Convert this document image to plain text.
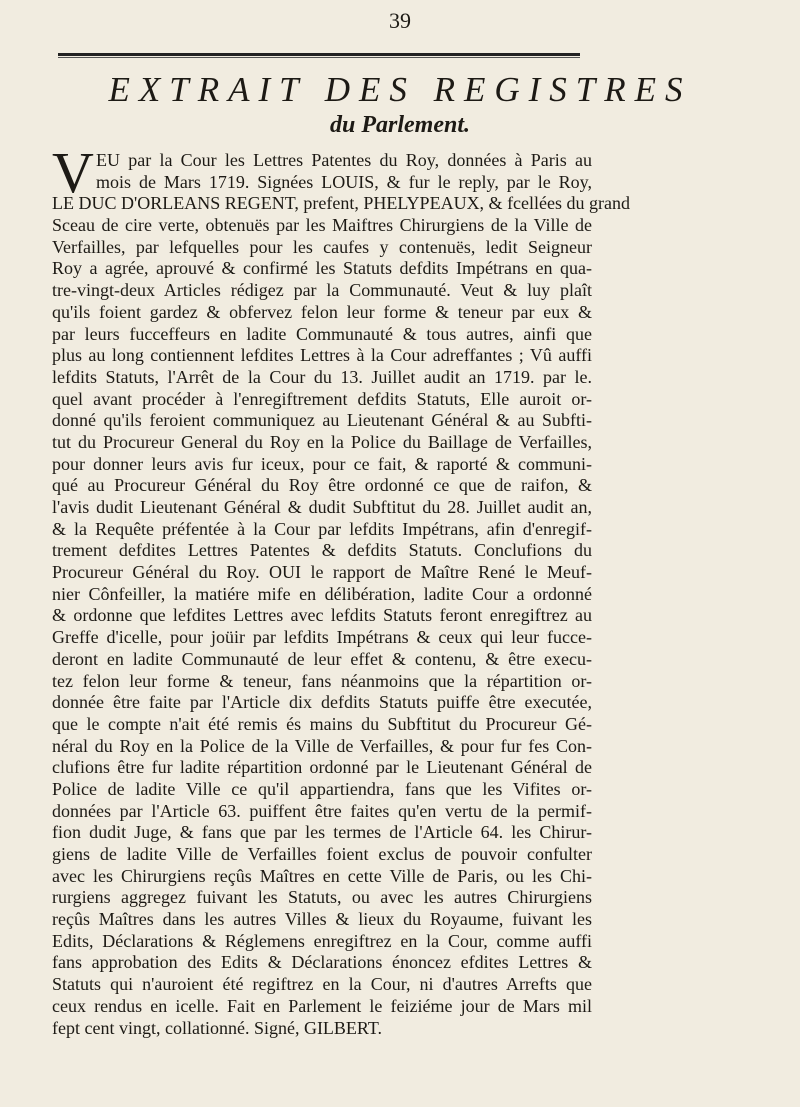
39
EXTRAIT DES REGISTRES
du Parlement.
V EU par la Cour les Lettres Patentes du Roy, données à Paris au
mois de Mars 1719. Signées LOUIS, & fur le reply, par le Roy,
LE DUC D'ORLEANS REGENT, prefent, PHELYPEAUX, & fcellées du grand
Sceau de cire verte, obtenuës par les Maiftres Chirurgiens de la Ville de
Verfailles, par lefquelles pour les caufes y contenuës, ledit Seigneur
Roy a agrée, aprouvé & confirmé les Statuts defdits Impétrans en qua-
tre-vingt-deux Articles rédigez par la Communauté. Veut & luy plaît
qu'ils foient gardez & obfervez felon leur forme & teneur par eux &
par leurs fucceffeurs en ladite Communauté & tous autres, ainfi que
plus au long contiennent lefdites Lettres à la Cour adreffantes ; Vû auffi
lefdits Statuts, l'Arrêt de la Cour du 13. Juillet audit an 1719. par le.
quel avant procéder à l'enregiftrement defdits Statuts, Elle auroit or-
donné qu'ils feroient communiquez au Lieutenant Général & au Subfti-
tut du Procureur General du Roy en la Police du Baillage de Verfailles,
pour donner leurs avis fur iceux, pour ce fait, & raporté & communi-
qué au Procureur Général du Roy être ordonné ce que de raifon, &
l'avis dudit Lieutenant Général & dudit Subftitut du 28. Juillet audit an,
& la Requête préfentée à la Cour par lefdits Impétrans, afin d'enregif-
trement defdites Lettres Patentes & defdits Statuts. Conclufions du
Procureur Général du Roy. OUI le rapport de Maître René le Meuf-
nier Cônfeiller, la matiére mife en délibération, ladite Cour a ordonné
& ordonne que lefdites Lettres avec lefdits Statuts feront enregiftrez au
Greffe d'icelle, pour joüir par lefdits Impétrans & ceux qui leur fucce-
deront en ladite Communauté de leur effet & contenu, & être execu-
tez felon leur forme & teneur, fans néanmoins que la répartition or-
donnée être faite par l'Article dix defdits Statuts puiffe être executée,
que le compte n'ait été remis és mains du Subftitut du Procureur Gé-
néral du Roy en la Police de la Ville de Verfailles, & pour fur fes Con-
clufions être fur ladite répartition ordonné par le Lieutenant Général de
Police de ladite Ville ce qu'il appartiendra, fans que les Vifites or-
données par l'Article 63. puiffent être faites qu'en vertu de la permif-
fion dudit Juge, & fans que par les termes de l'Article 64. les Chirur-
giens de ladite Ville de Verfailles foient exclus de pouvoir confulter
avec les Chirurgiens reçûs Maîtres en cette Ville de Paris, ou les Chi-
rurgiens aggregez fuivant les Statuts, ou avec les autres Chirurgiens
reçûs Maîtres dans les autres Villes & lieux du Royaume, fuivant les
Edits, Déclarations & Réglemens enregiftrez en la Cour, comme auffi
fans approbation des Edits & Déclarations énoncez efdites Lettres &
Statuts qui n'auroient été regiftrez en la Cour, ni d'autres Arrefts que
ceux rendus en icelle. Fait en Parlement le feiziéme jour de Mars mil
fept cent vingt, collationné. Signé, GILBERT.
